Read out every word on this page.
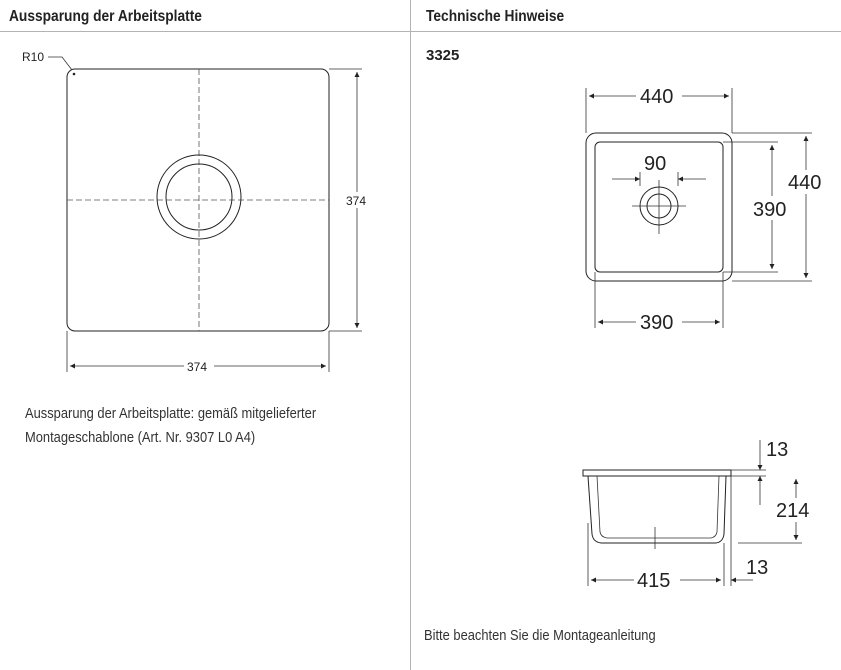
Aussparung der Arbeitsplatte	Technische Hinweise
3325
R10
374
374
440
90
390
440
390
13
214
415
13
Aussparung der Arbeitsplatte: gemäß mitgelieferter
Montageschablone (Art. Nr. 9307 L0 A4)
Bitte beachten Sie die Montageanleitung
